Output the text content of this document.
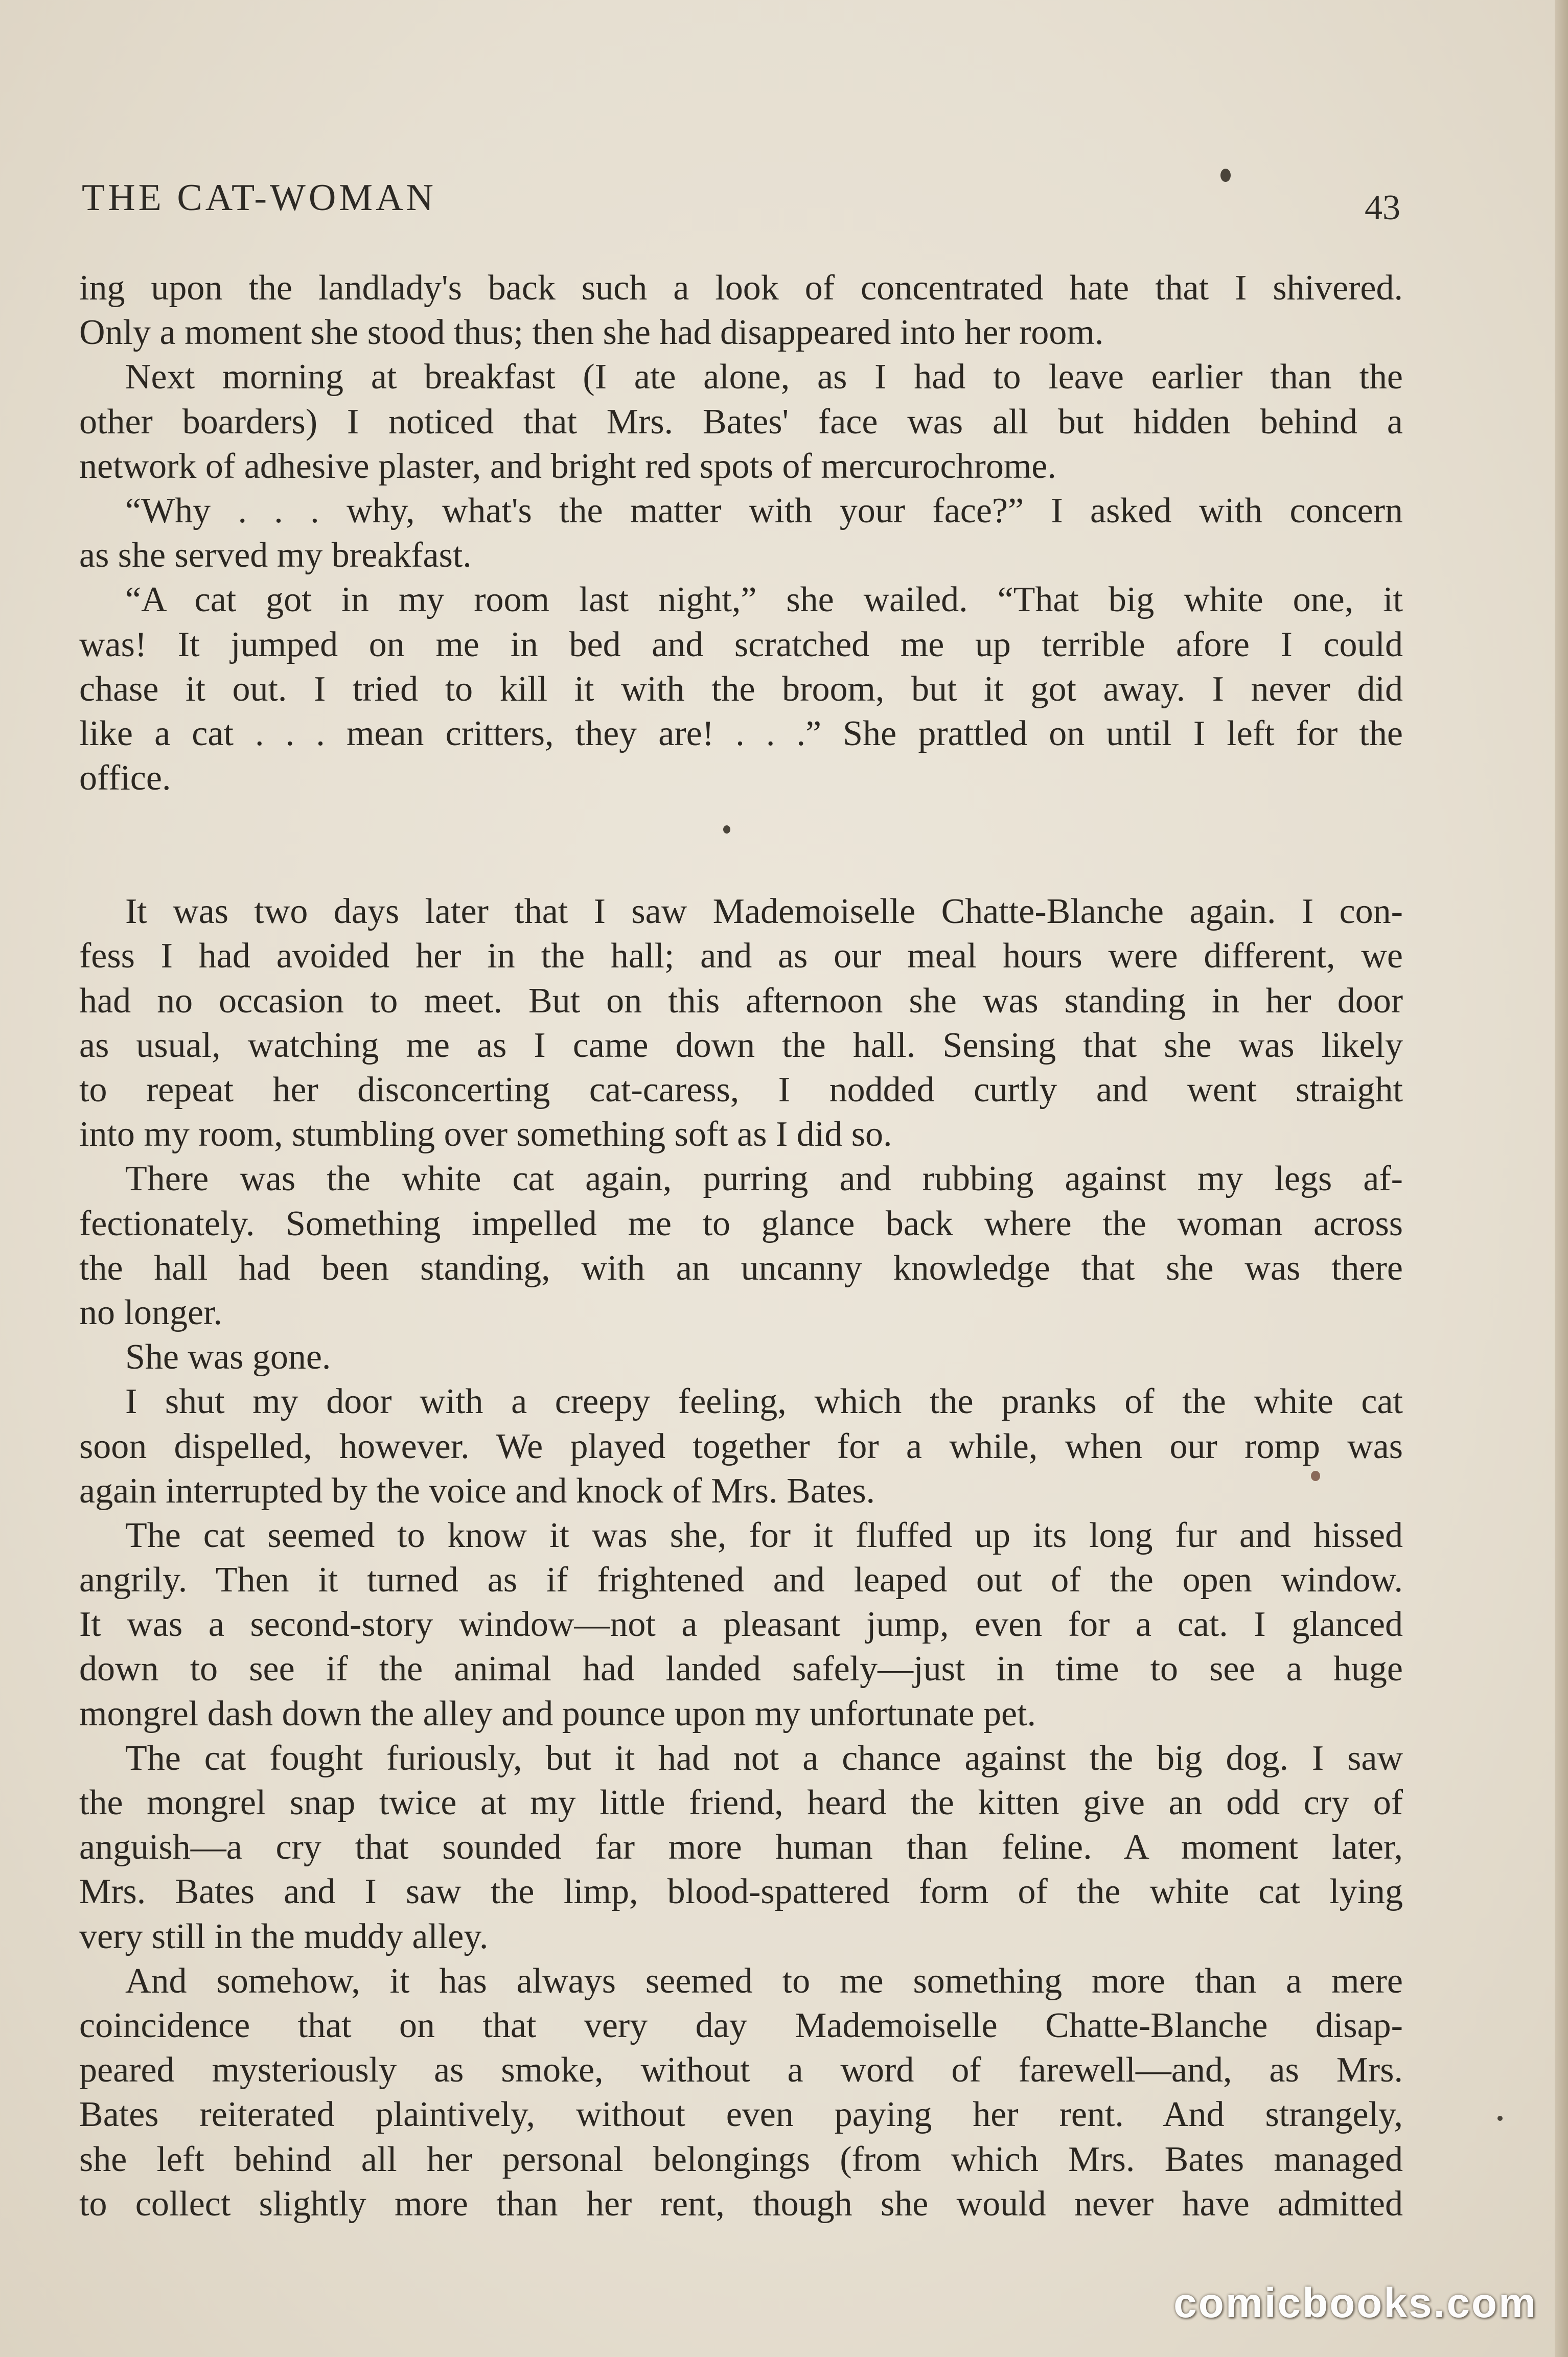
THE CAT-WOMAN	43
ing upon the landlady's back such a look of concentrated hate that I shivered.
Only a moment she stood thus; then she had disappeared into her room.
Next morning at breakfast (I ate alone, as I had to leave earlier than the
other boarders) I noticed that Mrs. Bates' face was all but hidden behind a
network of adhesive plaster, and bright red spots of mercurochrome.
“Why . . . why, what's the matter with your face?” I asked with concern
as she served my breakfast.
“A cat got in my room last night,” she wailed. “That big white one, it
was! It jumped on me in bed and scratched me up terrible afore I could
chase it out. I tried to kill it with the broom, but it got away. I never did
like a cat . . . mean critters, they are! . . .” She prattled on until I left for the
office.
It was two days later that I saw Mademoiselle Chatte-Blanche again. I con-
fess I had avoided her in the hall; and as our meal hours were different, we
had no occasion to meet. But on this afternoon she was standing in her door
as usual, watching me as I came down the hall. Sensing that she was likely
to repeat her disconcerting cat-caress, I nodded curtly and went straight
into my room, stumbling over something soft as I did so.
There was the white cat again, purring and rubbing against my legs af-
fectionately. Something impelled me to glance back where the woman across
the hall had been standing, with an uncanny knowledge that she was there
no longer.
She was gone.
I shut my door with a creepy feeling, which the pranks of the white cat
soon dispelled, however. We played together for a while, when our romp was
again interrupted by the voice and knock of Mrs. Bates.
The cat seemed to know it was she, for it fluffed up its long fur and hissed
angrily. Then it turned as if frightened and leaped out of the open window.
It was a second-story window—not a pleasant jump, even for a cat. I glanced
down to see if the animal had landed safely—just in time to see a huge
mongrel dash down the alley and pounce upon my unfortunate pet.
The cat fought furiously, but it had not a chance against the big dog. I saw
the mongrel snap twice at my little friend, heard the kitten give an odd cry of
anguish—a cry that sounded far more human than feline. A moment later,
Mrs. Bates and I saw the limp, blood-spattered form of the white cat lying
very still in the muddy alley.
And somehow, it has always seemed to me something more than a mere
coincidence that on that very day Mademoiselle Chatte-Blanche disap-
peared mysteriously as smoke, without a word of farewell—and, as Mrs.
Bates reiterated plaintively, without even paying her rent. And strangely,
she left behind all her personal belongings (from which Mrs. Bates managed
to collect slightly more than her rent, though she would never have admitted
comicbooks.com
